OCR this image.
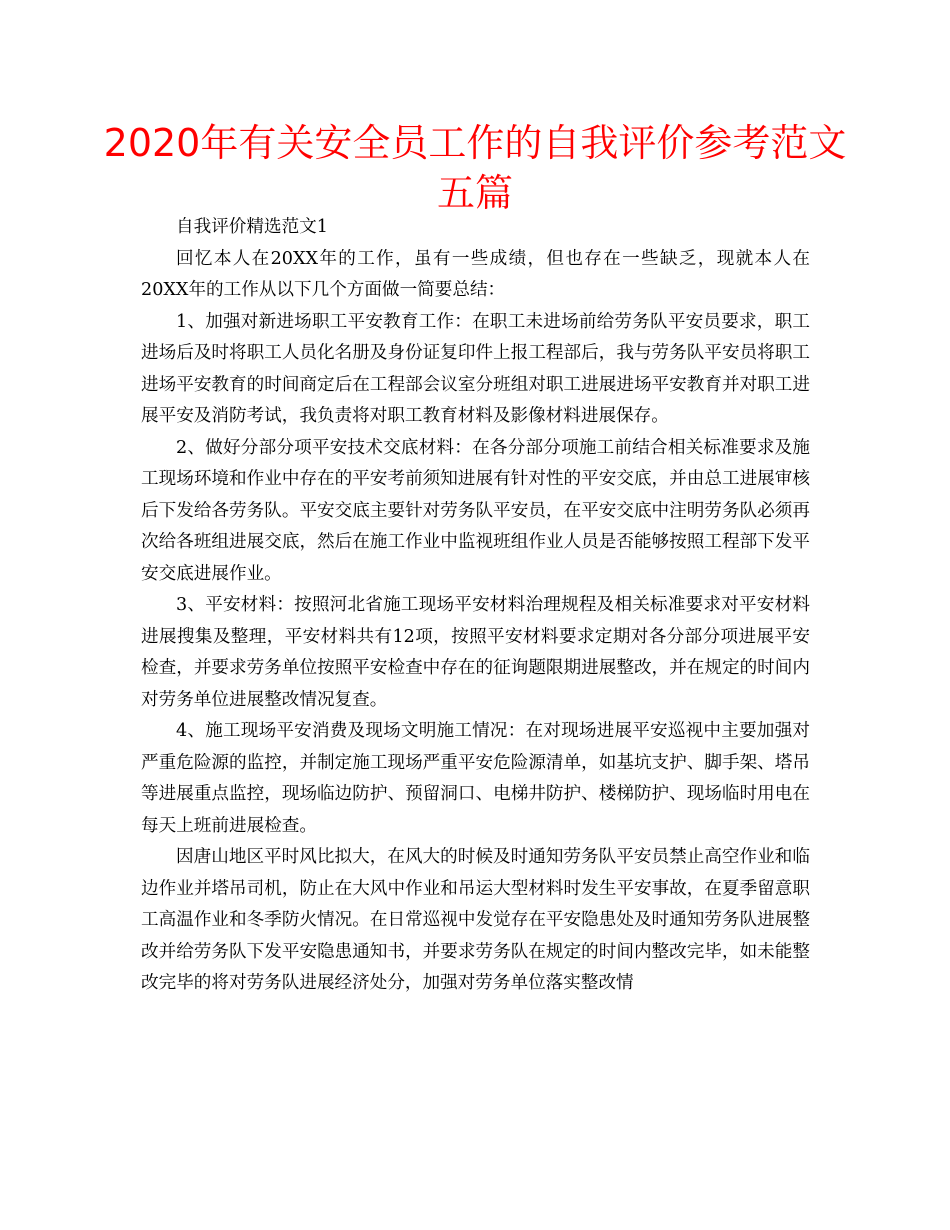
2020年有关安全员工作的自我评价参考范文五篇

自我评价精选范文1

回忆本人在20XX年的工作，虽有一些成绩，但也存在一些缺乏，现就本人在20XX年的工作从以下几个方面做一简要总结：

1、加强对新进场职工平安教育工作：在职工未进场前给劳务队平安员要求，职工进场后及时将职工人员化名册及身份证复印件上报工程部后，我与劳务队平安员将职工进场平安教育的时间商定后在工程部会议室分班组对职工进展进场平安教育并对职工进展平安及消防考试，我负责将对职工教育材料及影像材料进展保存。

2、做好分部分项平安技术交底材料：在各分部分项施工前结合相关标准要求及施工现场环境和作业中存在的平安考前须知进展有针对性的平安交底，并由总工进展审核后下发给各劳务队。平安交底主要针对劳务队平安员，在平安交底中注明劳务队必须再次给各班组进展交底，然后在施工作业中监视班组作业人员是否能够按照工程部下发平安交底进展作业。

3、平安材料：按照河北省施工现场平安材料治理规程及相关标准要求对平安材料进展搜集及整理，平安材料共有12项，按照平安材料要求定期对各分部分项进展平安检查，并要求劳务单位按照平安检查中存在的征询题限期进展整改，并在规定的时间内对劳务单位进展整改情况复查。

4、施工现场平安消费及现场文明施工情况：在对现场进展平安巡视中主要加强对严重危险源的监控，并制定施工现场严重平安危险源清单，如基坑支护、脚手架、塔吊等进展重点监控，现场临边防护、预留洞口、电梯井防护、楼梯防护、现场临时用电在每天上班前进展检查。

因唐山地区平时风比拟大，在风大的时候及时通知劳务队平安员禁止高空作业和临边作业并塔吊司机，防止在大风中作业和吊运大型材料时发生平安事故，在夏季留意职工高温作业和冬季防火情况。在日常巡视中发觉存在平安隐患处及时通知劳务队进展整改并给劳务队下发平安隐患通知书，并要求劳务队在规定的时间内整改完毕，如未能整改完毕的将对劳务队进展经济处分，加强对劳务单位落实整改情
